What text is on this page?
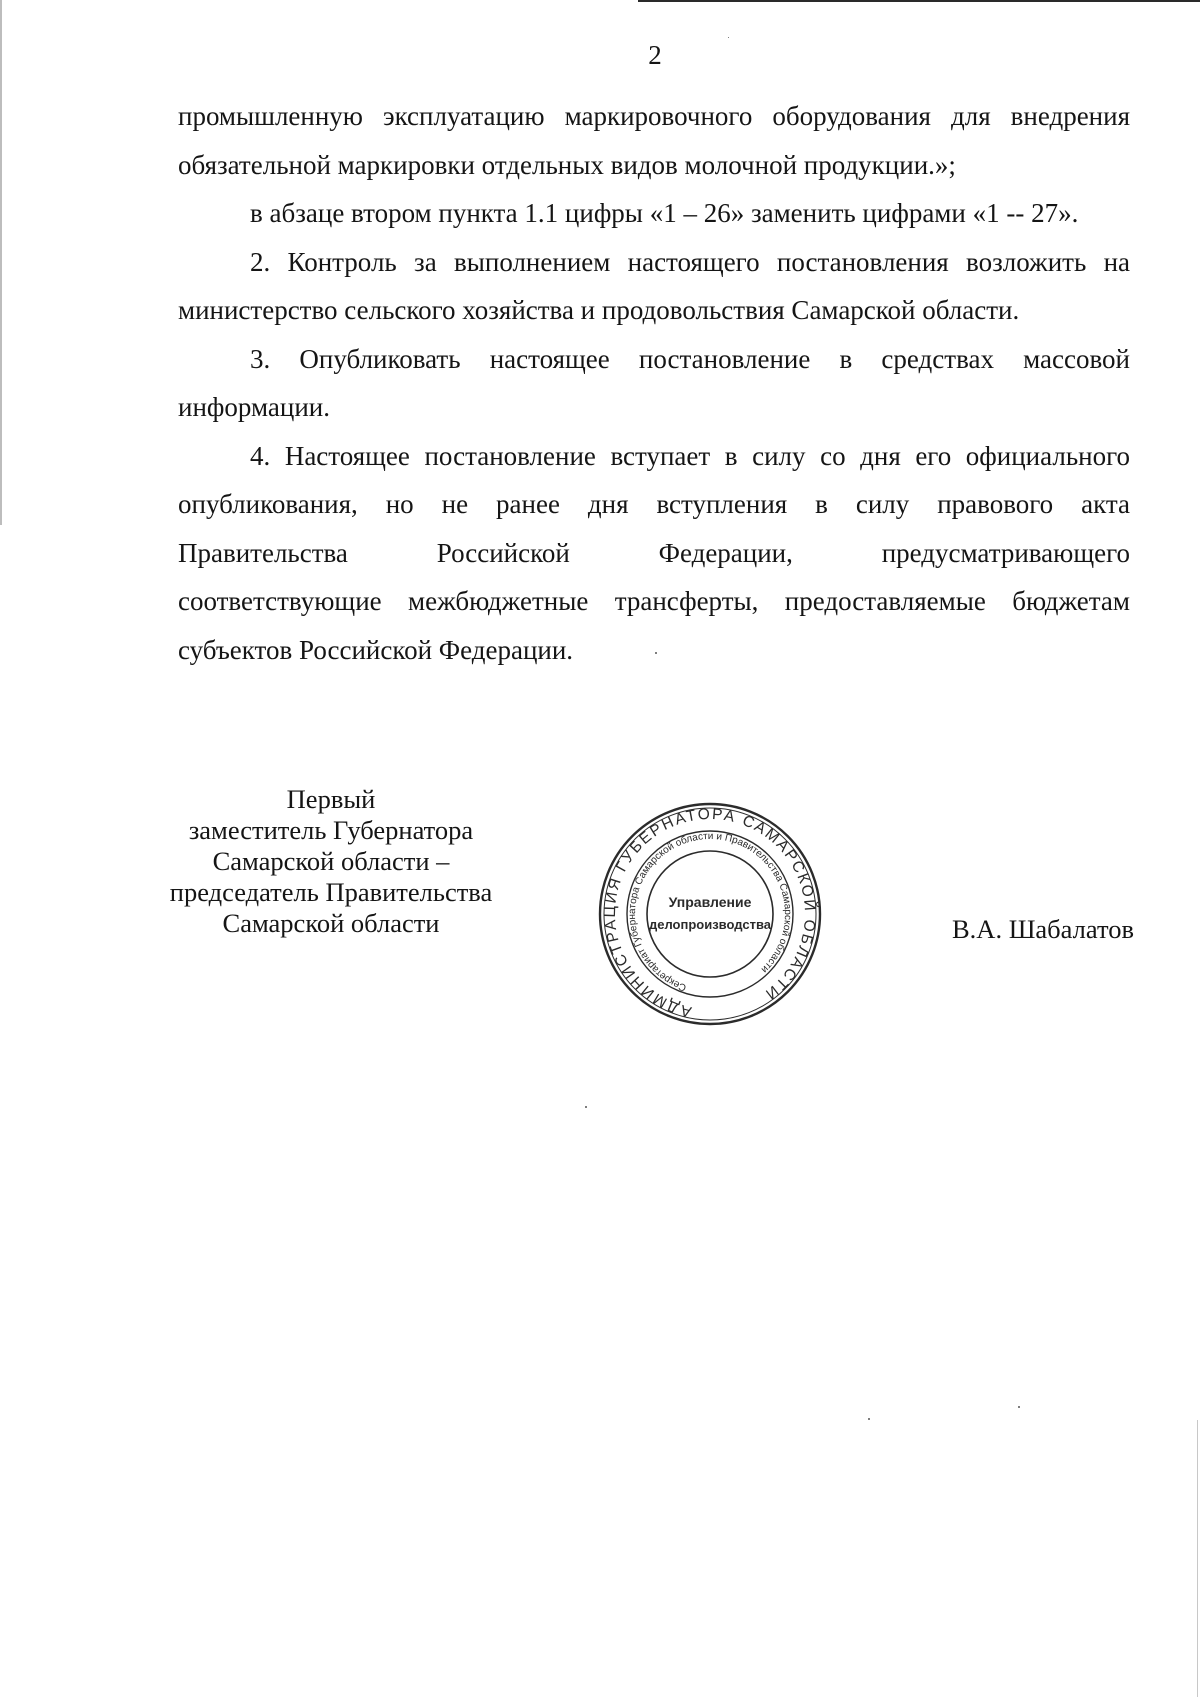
2

промышленную эксплуатацию маркировочного оборудования для внедрения обязательной маркировки отдельных видов молочной продукции.»;

в абзаце втором пункта 1.1 цифры «1 – 26» заменить цифрами «1 -- 27».

2. Контроль за выполнением настоящего постановления возложить на министерство сельского хозяйства и продовольствия Самарской области.

3. Опубликовать настоящее постановление в средствах массовой информации.

4. Настоящее постановление вступает в силу со дня его официального опубликования, но не ранее дня вступления в силу правового акта

Правительства Российской Федерации, предусматривающего

соответствующие межбюджетные трансферты, предоставляемые бюджетам субъектов Российской Федерации.

Первый
заместитель Губернатора
Самарской области –
председатель Правительства
Самарской области
АДМИНИСТРАЦИЯ ГУБЕРНАТОРА САМАРСКОЙ ОБЛАСТИ
Секретариат Губернатора Самарской области и Правительства Самарской области
Управление
делопроизводства	В.А. Шабалатов
